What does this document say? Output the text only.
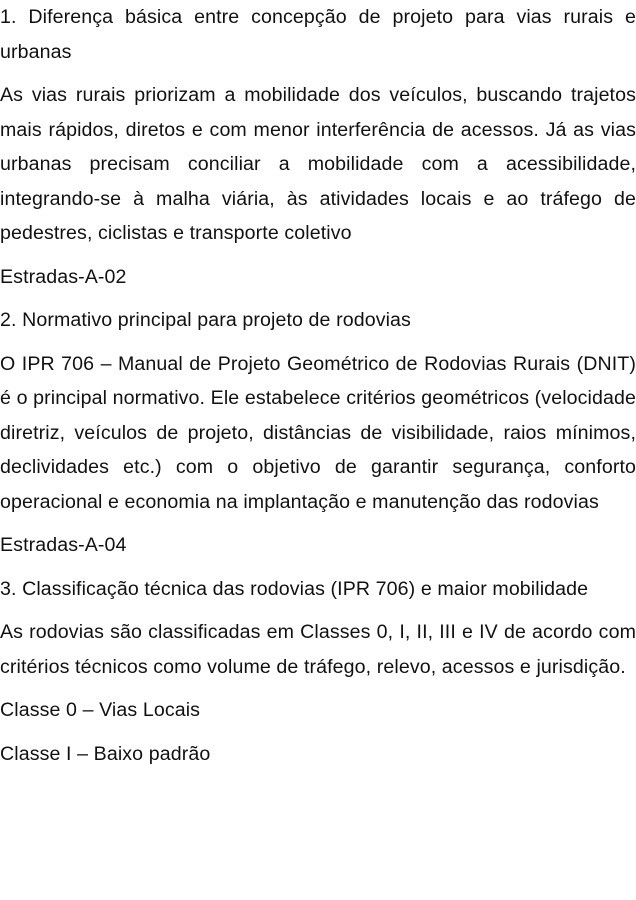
1. Diferença básica entre concepção de projeto para vias rurais e urbanas

As vias rurais priorizam a mobilidade dos veículos, buscando trajetos mais rápidos, diretos e com menor interferência de acessos. Já as vias urbanas precisam conciliar a mobilidade com a acessibilidade, integrando-se à malha viária, às atividades locais e ao tráfego de pedestres, ciclistas e transporte coletivo

Estradas-A-02

2. Normativo principal para projeto de rodovias

O IPR 706 – Manual de Projeto Geométrico de Rodovias Rurais (DNIT) é o principal normativo. Ele estabelece critérios geométricos (velocidade diretriz, veículos de projeto, distâncias de visibilidade, raios mínimos, declividades etc.) com o objetivo de garantir segurança, conforto operacional e economia na implantação e manutenção das rodovias

Estradas-A-04

3. Classificação técnica das rodovias (IPR 706) e maior mobilidade

As rodovias são classificadas em Classes 0, I, II, III e IV de acordo com critérios técnicos como volume de tráfego, relevo, acessos e jurisdição.

Classe 0 – Vias Locais

Classe I – Baixo padrão
